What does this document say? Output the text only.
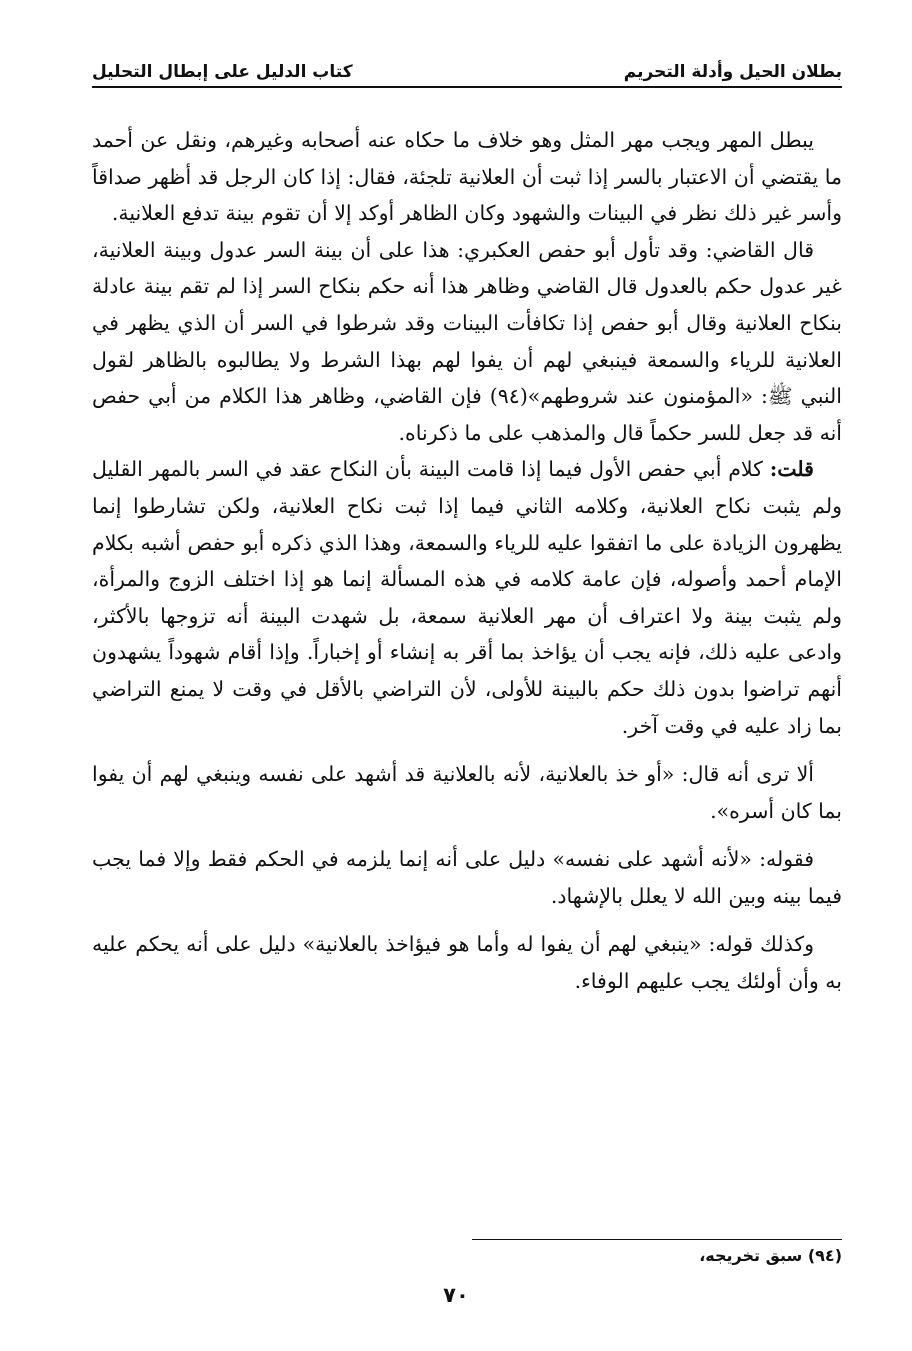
بطلان الحيل وأدلة التحريم
كتاب الدليل على إبطال التحليل

يبطل المهر ويجب مهر المثل وهو خلاف ما حكاه عنه أصحابه وغيرهم، ونقل عن أحمد ما يقتضي أن الاعتبار بالسر إذا ثبت أن العلانية تلجئة، فقال: إذا كان الرجل قد أظهر صداقاً وأسر غير ذلك نظر في البينات والشهود وكان الظاهر أوكد إلا أن تقوم بينة تدفع العلانية.

قال القاضي: وقد تأول أبو حفص العكبري: هذا على أن بينة السر عدول وبينة العلانية، غير عدول حكم بالعدول قال القاضي وظاهر هذا أنه حكم بنكاح السر إذا لم تقم بينة عادلة بنكاح العلانية وقال أبو حفص إذا تكافأت البينات وقد شرطوا في السر أن الذي يظهر في العلانية للرياء والسمعة فينبغي لهم أن يفوا لهم بهذا الشرط ولا يطالبوه بالظاهر لقول النبي ﷺ: «المؤمنون عند شروطهم»(٩٤) فإن القاضي، وظاهر هذا الكلام من أبي حفص أنه قد جعل للسر حكماً قال والمذهب على ما ذكرناه.

قلت: كلام أبي حفص الأول فيما إذا قامت البينة بأن النكاح عقد في السر بالمهر القليل ولم يثبت نكاح العلانية، وكلامه الثاني فيما إذا ثبت نكاح العلانية، ولكن تشارطوا إنما يظهرون الزيادة على ما اتفقوا عليه للرياء والسمعة، وهذا الذي ذكره أبو حفص أشبه بكلام الإمام أحمد وأصوله، فإن عامة كلامه في هذه المسألة إنما هو إذا اختلف الزوج والمرأة، ولم يثبت بينة ولا اعتراف أن مهر العلانية سمعة، بل شهدت البينة أنه تزوجها بالأكثر، وادعى عليه ذلك، فإنه يجب أن يؤاخذ بما أقر به إنشاء أو إخباراً. وإذا أقام شهوداً يشهدون أنهم تراضوا بدون ذلك حكم بالبينة للأولى، لأن التراضي بالأقل في وقت لا يمنع التراضي بما زاد عليه في وقت آخر.

ألا ترى أنه قال: «أو خذ بالعلانية، لأنه بالعلانية قد أشهد على نفسه وينبغي لهم أن يفوا بما كان أسره».

فقوله: «لأنه أشهد على نفسه» دليل على أنه إنما يلزمه في الحكم فقط وإلا فما يجب فيما بينه وبين الله لا يعلل بالإشهاد.

وكذلك قوله: «ينبغي لهم أن يفوا له وأما هو فيؤاخذ بالعلانية» دليل على أنه يحكم عليه به وأن أولئك يجب عليهم الوفاء.

(٩٤) سبق تخريجه،
٧٠
